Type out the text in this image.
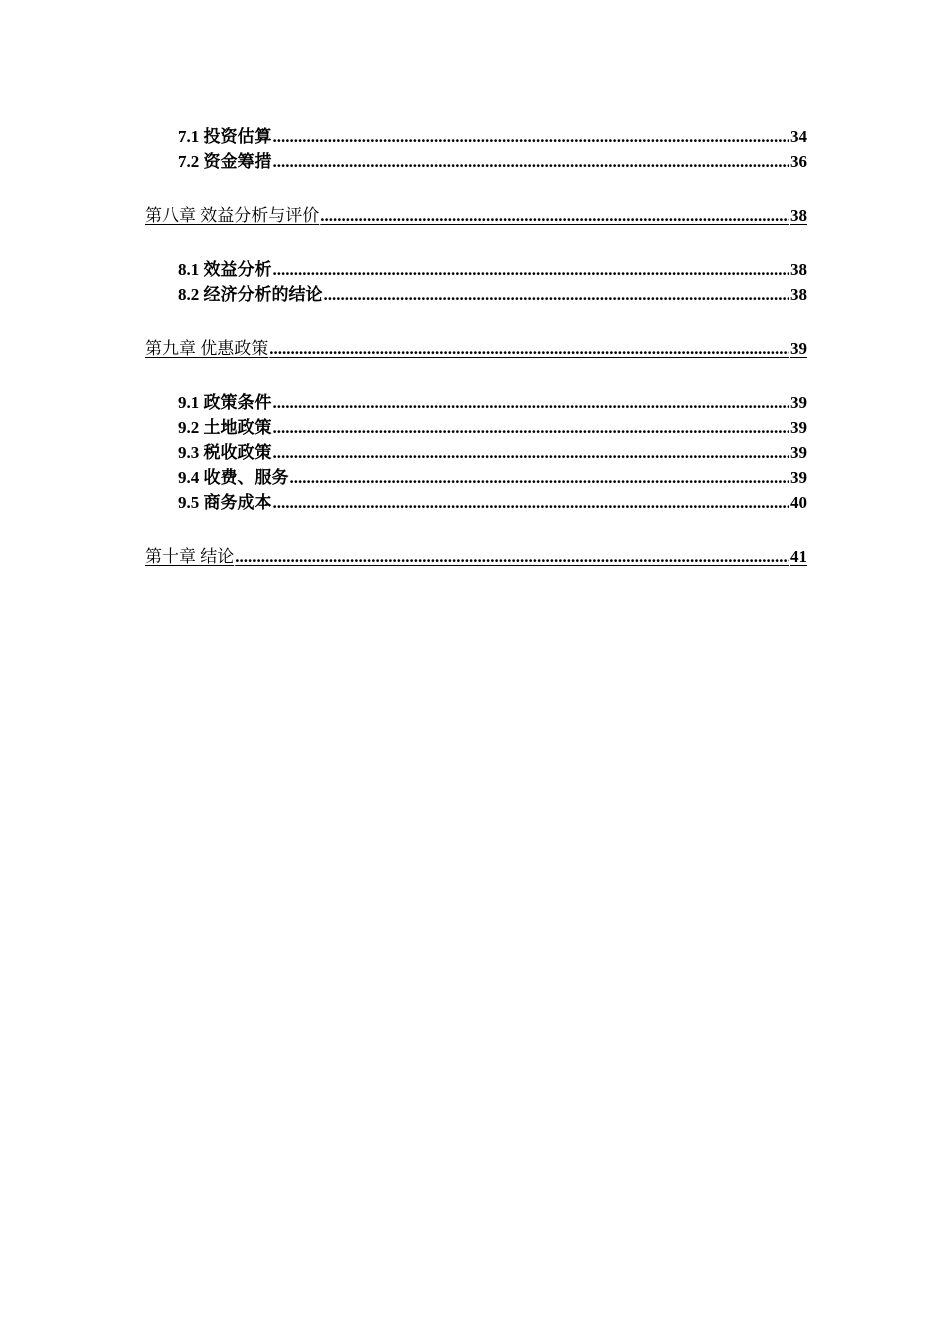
7.1 投资估算 .....	34
7.2 资金筹措 .....	36
第八章 效益分析与评价 .....	38
8.1 效益分析 .....	38
8.2 经济分析的结论 .....	38
第九章 优惠政策 .....	39
9.1 政策条件 .....	39
9.2 土地政策 .....	39
9.3 税收政策 .....	39
9.4 收费、服务 .....	39
9.5 商务成本 .....	40
第十章 结论 .....	41
